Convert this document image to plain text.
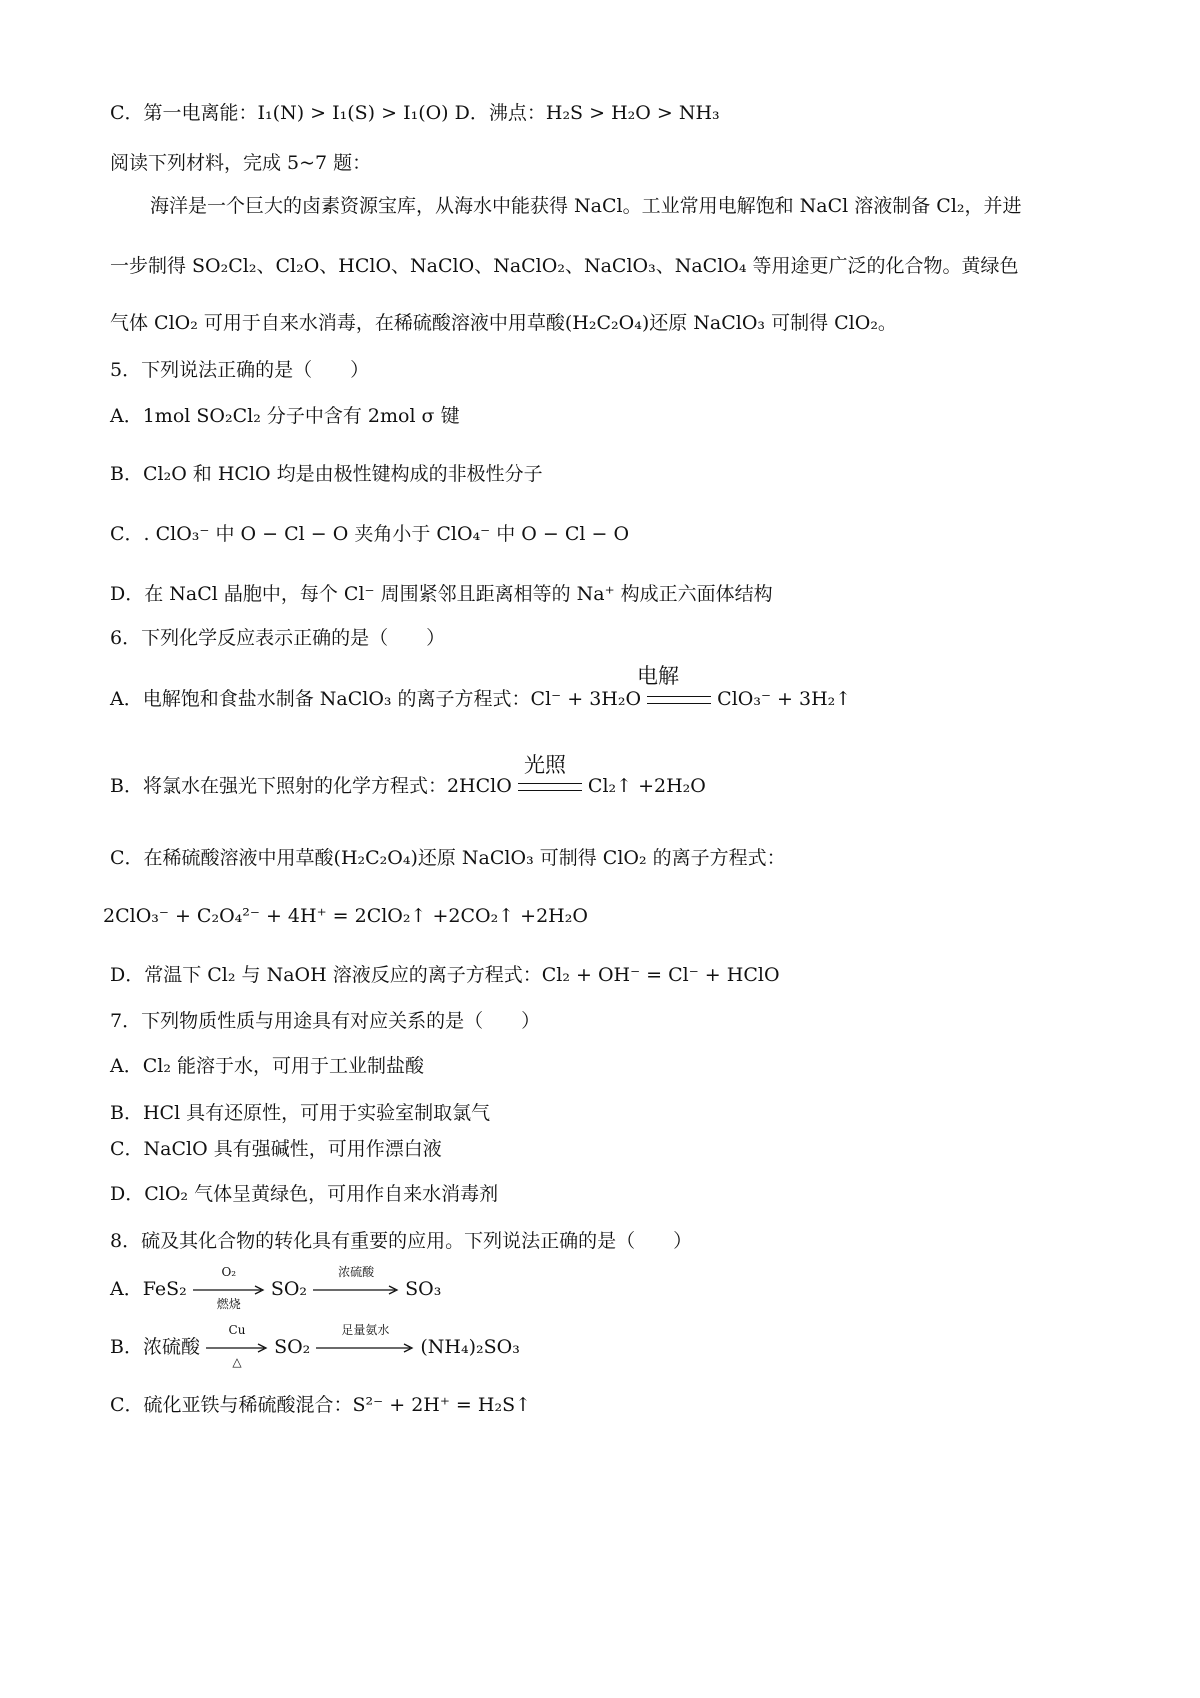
C．第一电离能：I₁(N) > I₁(S) > I₁(O) D．沸点：H₂S > H₂O > NH₃
阅读下列材料，完成 5~7 题：
海洋是一个巨大的卤素资源宝库，从海水中能获得 NaCl。工业常用电解饱和 NaCl 溶液制备 Cl₂，并进
一步制得 SO₂Cl₂、Cl₂O、HClO、NaClO、NaClO₂、NaClO₃、NaClO₄ 等用途更广泛的化合物。黄绿色
气体 ClO₂ 可用于自来水消毒，在稀硫酸溶液中用草酸(H₂C₂O₄)还原 NaClO₃ 可制得 ClO₂。
5．下列说法正确的是（　　）
A．1mol SO₂Cl₂ 分子中含有 2mol σ 键
B．Cl₂O 和 HClO 均是由极性键构成的非极性分子
C．. ClO₃⁻ 中 O − Cl − O 夹角小于 ClO₄⁻ 中 O − Cl − O
D．在 NaCl 晶胞中，每个 Cl⁻ 周围紧邻且距离相等的 Na⁺ 构成正六面体结构
6．下列化学反应表示正确的是（　　）
A．电解饱和食盐水制备 NaClO₃ 的离子方程式：Cl⁻ + 3H₂O	ClO₃⁻ + 3H₂↑
电解
B．将氯水在强光下照射的化学方程式：2HClO	Cl₂↑ +2H₂O
光照
C．在稀硫酸溶液中用草酸(H₂C₂O₄)还原 NaClO₃ 可制得 ClO₂ 的离子方程式：
2ClO₃⁻ + C₂O₄²⁻ + 4H⁺ = 2ClO₂↑ +2CO₂↑ +2H₂O
D．常温下 Cl₂ 与 NaOH 溶液反应的离子方程式：Cl₂ + OH⁻ = Cl⁻ + HClO
7．下列物质性质与用途具有对应关系的是（　　）
A．Cl₂ 能溶于水，可用于工业制盐酸
B．HCl 具有还原性，可用于实验室制取氯气
C．NaClO 具有强碱性，可用作漂白液
D．ClO₂ 气体呈黄绿色，可用作自来水消毒剂
8．硫及其化合物的转化具有重要的应用。下列说法正确的是（　　）
A．FeS₂
O₂
燃烧
SO₂
浓硫酸
SO₃
B．浓硫酸
Cu
△
SO₂
足量氨水
(NH₄)₂SO₃
C．硫化亚铁与稀硫酸混合：S²⁻ + 2H⁺ = H₂S↑
